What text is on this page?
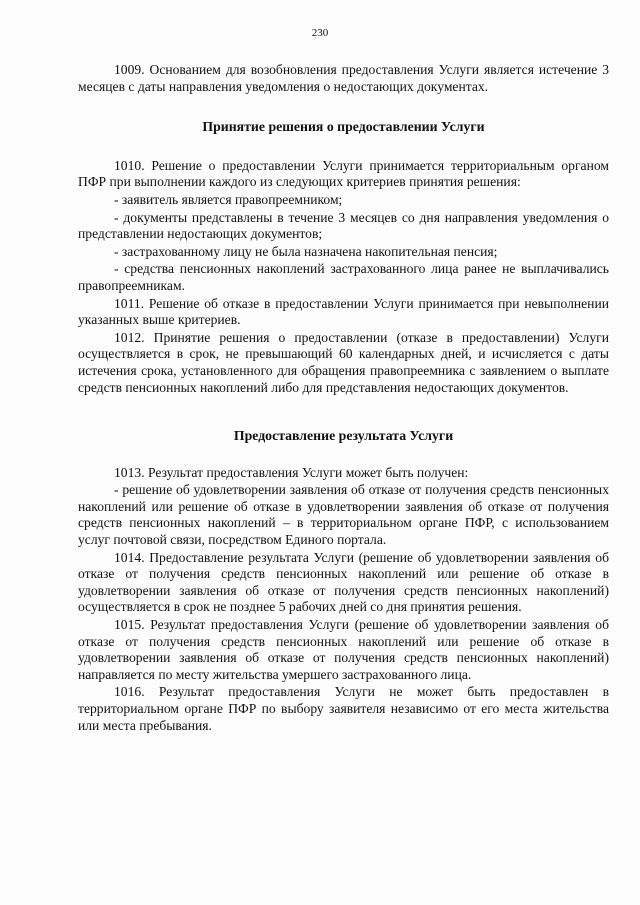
230

1009. Основанием для возобновления предоставления Услуги является истечение 3 месяцев с даты направления уведомления о недостающих документах.

Принятие решения о предоставлении Услуги

1010. Решение о предоставлении Услуги принимается территориальным органом ПФР при выполнении каждого из следующих критериев принятия решения:

- заявитель является правопреемником;

- документы представлены в течение 3 месяцев со дня направления уведомления о представлении недостающих документов;

- застрахованному лицу не была назначена накопительная пенсия;

- средства пенсионных накоплений застрахованного лица ранее не выплачивались правопреемникам.

1011. Решение об отказе в предоставлении Услуги принимается при невыполнении указанных выше критериев.

1012. Принятие решения о предоставлении (отказе в предоставлении) Услуги осуществляется в срок, не превышающий 60 календарных дней, и исчисляется с даты истечения срока, установленного для обращения правопреемника с заявлением о выплате средств пенсионных накоплений либо для представления недостающих документов.

Предоставление результата Услуги

1013. Результат предоставления Услуги может быть получен:

- решение об удовлетворении заявления об отказе от получения средств пенсионных накоплений или решение об отказе в удовлетворении заявления об отказе от получения средств пенсионных накоплений – в территориальном органе ПФР, с использованием услуг почтовой связи, посредством Единого портала.

1014. Предоставление результата Услуги (решение об удовлетворении заявления об отказе от получения средств пенсионных накоплений или решение об отказе в удовлетворении заявления об отказе от получения средств пенсионных накоплений) осуществляется в срок не позднее 5 рабочих дней со дня принятия решения.

1015. Результат предоставления Услуги (решение об удовлетворении заявления об отказе от получения средств пенсионных накоплений или решение об отказе в удовлетворении заявления об отказе от получения средств пенсионных накоплений) направляется по месту жительства умершего застрахованного лица.

1016. Результат предоставления Услуги не может быть предоставлен в территориальном органе ПФР по выбору заявителя независимо от его места жительства или места пребывания.
